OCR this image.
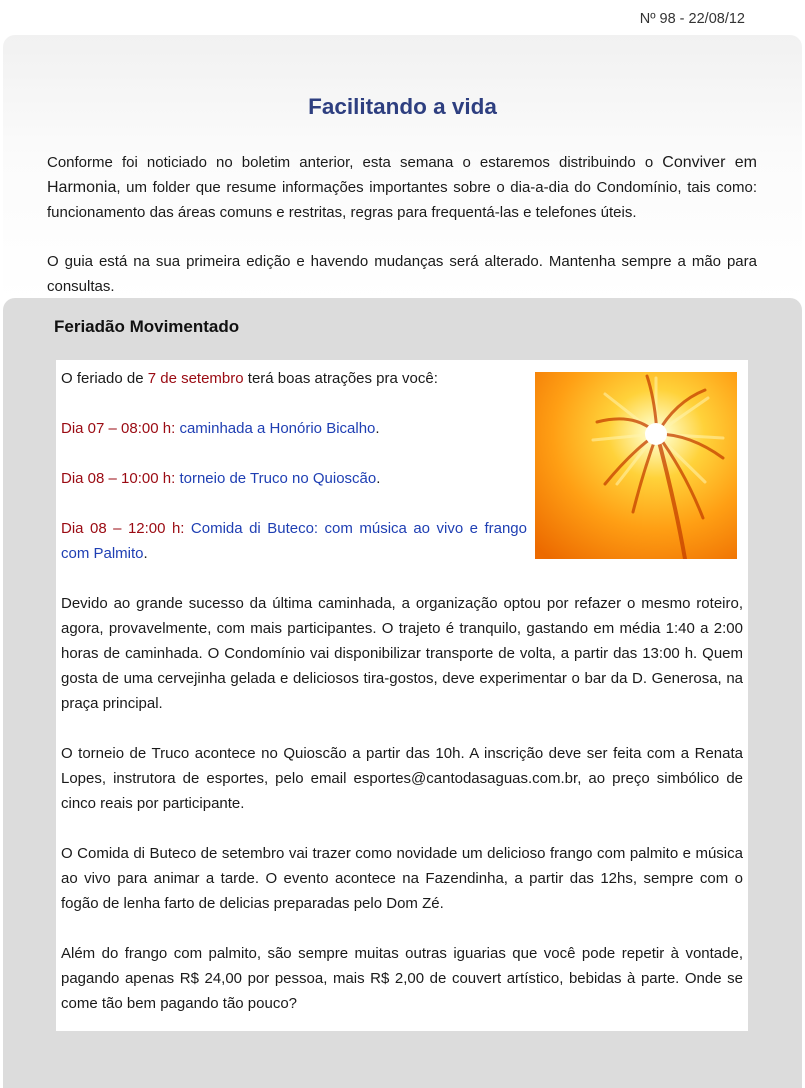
Nº 98 - 22/08/12
Facilitando a vida

Conforme foi noticiado no boletim anterior, esta semana o estaremos distribuindo o Conviver em Harmonia, um folder que resume informações importantes sobre o dia-a-dia do Condomínio, tais como: funcionamento das áreas comuns e restritas, regras para frequentá-las e telefones úteis.

O guia está na sua primeira edição e havendo mudanças será alterado. Mantenha sempre a mão para consultas.

Feriadão Movimentado

O feriado de 7 de setembro terá boas atrações pra você:

Dia 07 – 08:00 h: caminhada a Honório Bicalho.

Dia 08 – 10:00 h: torneio de Truco no Quioscão.

Dia 08 – 12:00 h: Comida di Buteco: com música ao vivo e frango com Palmito.

Devido ao grande sucesso da última caminhada, a organização optou por refazer o mesmo roteiro, agora, provavelmente, com mais participantes. O trajeto é tranquilo, gastando em média 1:40 a 2:00 horas de caminhada. O Condomínio vai disponibilizar transporte de volta, a partir das 13:00 h. Quem gosta de uma cervejinha gelada e deliciosos tira-gostos, deve experimentar o bar da D. Generosa, na praça principal.

O torneio de Truco acontece no Quioscão a partir das 10h. A inscrição deve ser feita com a Renata Lopes, instrutora de esportes, pelo email esportes@cantodasaguas.com.br, ao preço simbólico de cinco reais por participante.

O Comida di Buteco de setembro vai trazer como novidade um delicioso frango com palmito e música ao vivo para animar a tarde. O evento acontece na Fazendinha, a partir das 12hs, sempre com o fogão de lenha farto de delicias preparadas pelo Dom Zé.

Além do frango com palmito, são sempre muitas outras iguarias que você pode repetir à vontade, pagando apenas R$ 24,00 por pessoa, mais R$ 2,00 de couvert artístico, bebidas à parte. Onde se come tão bem pagando tão pouco?
